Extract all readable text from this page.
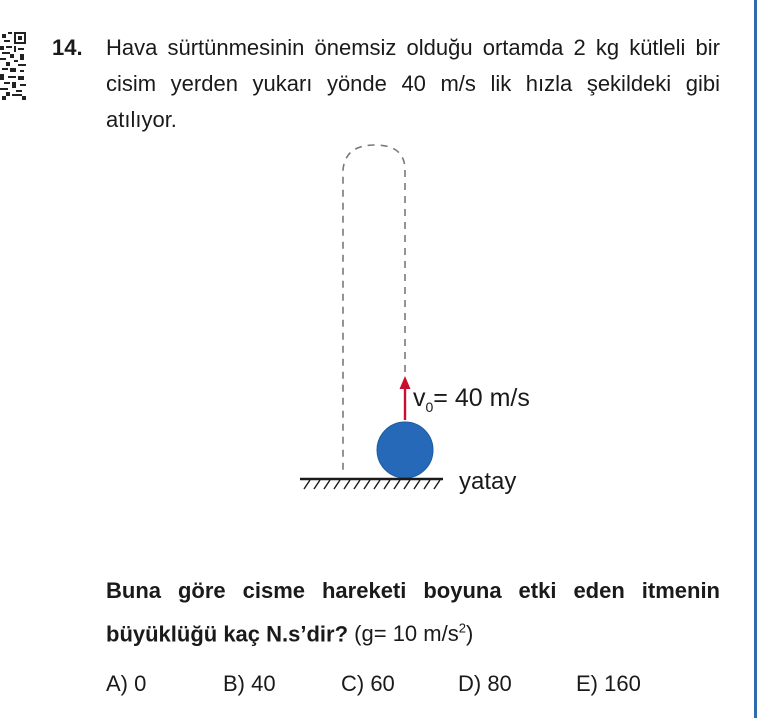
14. Hava sürtünmesinin önemsiz olduğu ortamda 2 kg kütleli bir cisim yerden yukarı yönde 40 m/s lik hızla şekildeki gibi atılıyor.
$v_0= 40$ m/s
yatay
Buna göre cisme hareketi boyuna etki eden itmenin büyüklüğü kaç N.s’dir? (g= 10 $m/s^2$)
A) 0	B) 40	C) 60	D) 80	E) 160
